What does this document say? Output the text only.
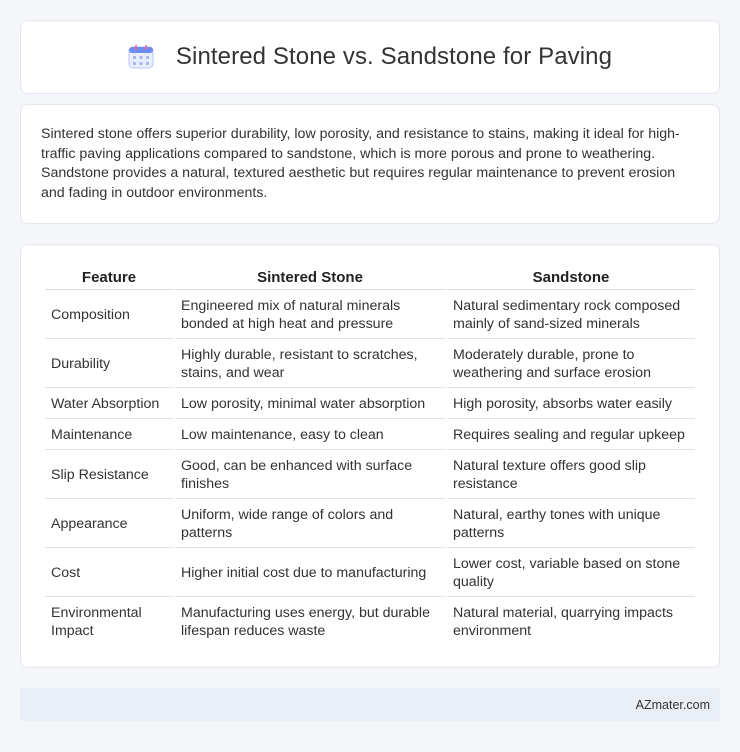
Sintered Stone vs. Sandstone for Paving

Sintered stone offers superior durability, low porosity, and resistance to stains, making it ideal for high-traffic paving applications compared to sandstone, which is more porous and prone to weathering. Sandstone provides a natural, textured aesthetic but requires regular maintenance to prevent erosion and fading in outdoor environments.

Feature	Sintered Stone	Sandstone
Composition	Engineered mix of natural minerals bonded at high heat and pressure	Natural sedimentary rock composed mainly of sand-sized minerals
Durability	Highly durable, resistant to scratches, stains, and wear	Moderately durable, prone to weathering and surface erosion
Water Absorption	Low porosity, minimal water absorption	High porosity, absorbs water easily
Maintenance	Low maintenance, easy to clean	Requires sealing and regular upkeep
Slip Resistance	Good, can be enhanced with surface finishes	Natural texture offers good slip resistance
Appearance	Uniform, wide range of colors and patterns	Natural, earthy tones with unique patterns
Cost	Higher initial cost due to manufacturing	Lower cost, variable based on stone quality
Environmental Impact	Manufacturing uses energy, but durable lifespan reduces waste	Natural material, quarrying impacts environment
AZmater.com
